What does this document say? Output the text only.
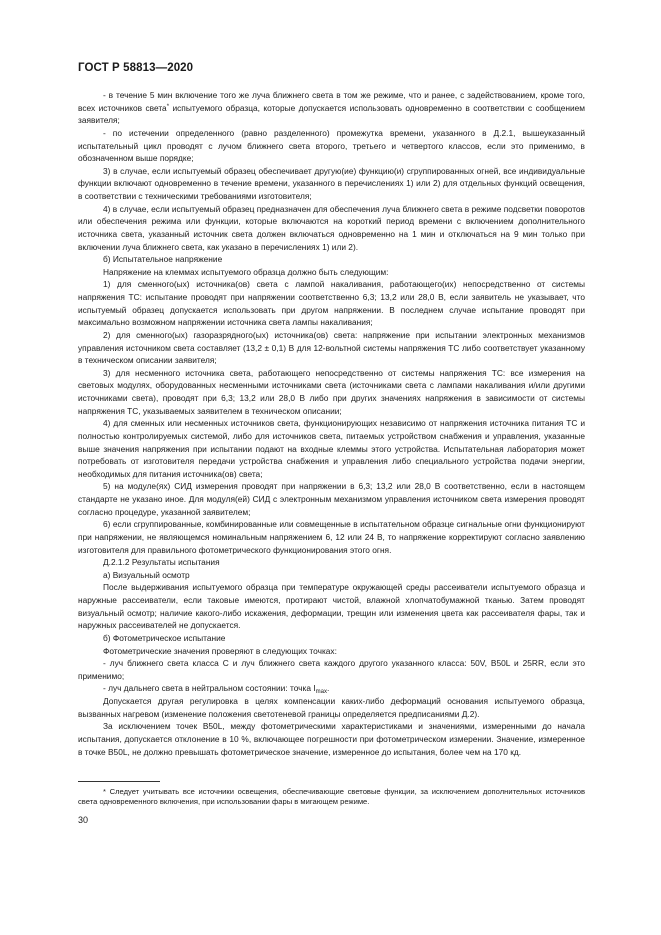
ГОСТ Р 58813—2020

- в течение 5 мин включение того же луча ближнего света в том же режиме, что и ранее, с задействованием, кроме того, всех источников света* испытуемого образца, которые допускается использовать одновременно в соответствии с сообщением заявителя;

- по истечении определенного (равно разделенного) промежутка времени, указанного в Д.2.1, вышеуказанный испытательный цикл проводят с лучом ближнего света второго, третьего и четвертого классов, если это применимо, в обозначенном выше порядке;

3) в случае, если испытуемый образец обеспечивает другую(ие) функцию(и) сгруппированных огней, все индивидуальные функции включают одновременно в течение времени, указанного в перечислениях 1) или 2) для отдельных функций освещения, в соответствии с техническими требованиями изготовителя;

4) в случае, если испытуемый образец предназначен для обеспечения луча ближнего света в режиме подсветки поворотов или обеспечения режима или функции, которые включаются на короткий период времени с включением дополнительного источника света, указанный источник света должен включаться одновременно на 1 мин и отключаться на 9 мин только при включении луча ближнего света, как указано в перечислениях 1) или 2).

б) Испытательное напряжение

Напряжение на клеммах испытуемого образца должно быть следующим:

1) для сменного(ых) источника(ов) света с лампой накаливания, работающего(их) непосредственно от системы напряжения ТС: испытание проводят при напряжении соответственно 6,3; 13,2 или 28,0 В, если заявитель не указывает, что испытуемый образец допускается использовать при другом напряжении. В последнем случае испытание проводят при максимально возможном напряжении источника света лампы накаливания;

2) для сменного(ых) газоразрядного(ых) источника(ов) света: напряжение при испытании электронных механизмов управления источником света составляет (13,2 ± 0,1) В для 12-вольтной системы напряжения ТС либо соответствует указанному в техническом описании заявителя;

3) для несменного источника света, работающего непосредственно от системы напряжения ТС: все измерения на световых модулях, оборудованных несменными источниками света (источниками света с лампами накаливания и/или другими источниками света), проводят при 6,3; 13,2 или 28,0 В либо при других значениях напряжения в зависимости от системы напряжения ТС, указываемых заявителем в техническом описании;

4) для сменных или несменных источников света, функционирующих независимо от напряжения источника питания ТС и полностью контролируемых системой, либо для источников света, питаемых устройством снабжения и управления, указанные выше значения напряжения при испытании подают на входные клеммы этого устройства. Испытательная лаборатория может потребовать от изготовителя передачи устройства снабжения и управления либо специального устройства подачи энергии, необходимых для питания источника(ов) света;

5) на модуле(ях) СИД измерения проводят при напряжении в 6,3; 13,2 или 28,0 В соответственно, если в настоящем стандарте не указано иное. Для модуля(ей) СИД с электронным механизмом управления источником света измерения проводят согласно процедуре, указанной заявителем;

6) если сгруппированные, комбинированные или совмещенные в испытательном образце сигнальные огни функционируют при напряжении, не являющемся номинальным напряжением 6, 12 или 24 В, то напряжение корректируют согласно заявлению изготовителя для правильного фотометрического функционирования этого огня.

Д.2.1.2 Результаты испытания

а) Визуальный осмотр

После выдерживания испытуемого образца при температуре окружающей среды рассеиватели испытуемого образца и наружные рассеиватели, если таковые имеются, протирают чистой, влажной хлопчатобумажной тканью. Затем проводят визуальный осмотр; наличие какого-либо искажения, деформации, трещин или изменения цвета как рассеивателя фары, так и наружных рассеивателей не допускается.

б) Фотометрическое испытание

Фотометрические значения проверяют в следующих точках:

- луч ближнего света класса С и луч ближнего света каждого другого указанного класса: 50V, B50L и 25RR, если это применимо;

- луч дальнего света в нейтральном состоянии: точка $I_{max}$.

Допускается другая регулировка в целях компенсации каких-либо деформаций основания испытуемого образца, вызванных нагревом (изменение положения светотеневой границы определяется предписаниями Д.2).

За исключением точек B50L, между фотометрическими характеристиками и значениями, измеренными до начала испытания, допускается отклонение в 10 %, включающее погрешности при фотометрическом измерении. Значение, измеренное в точке B50L, не должно превышать фотометрическое значение, измеренное до испытания, более чем на 170 кд.

* Следует учитывать все источники освещения, обеспечивающие световые функции, за исключением дополнительных источников света одновременного включения, при использовании фары в мигающем режиме.

30
